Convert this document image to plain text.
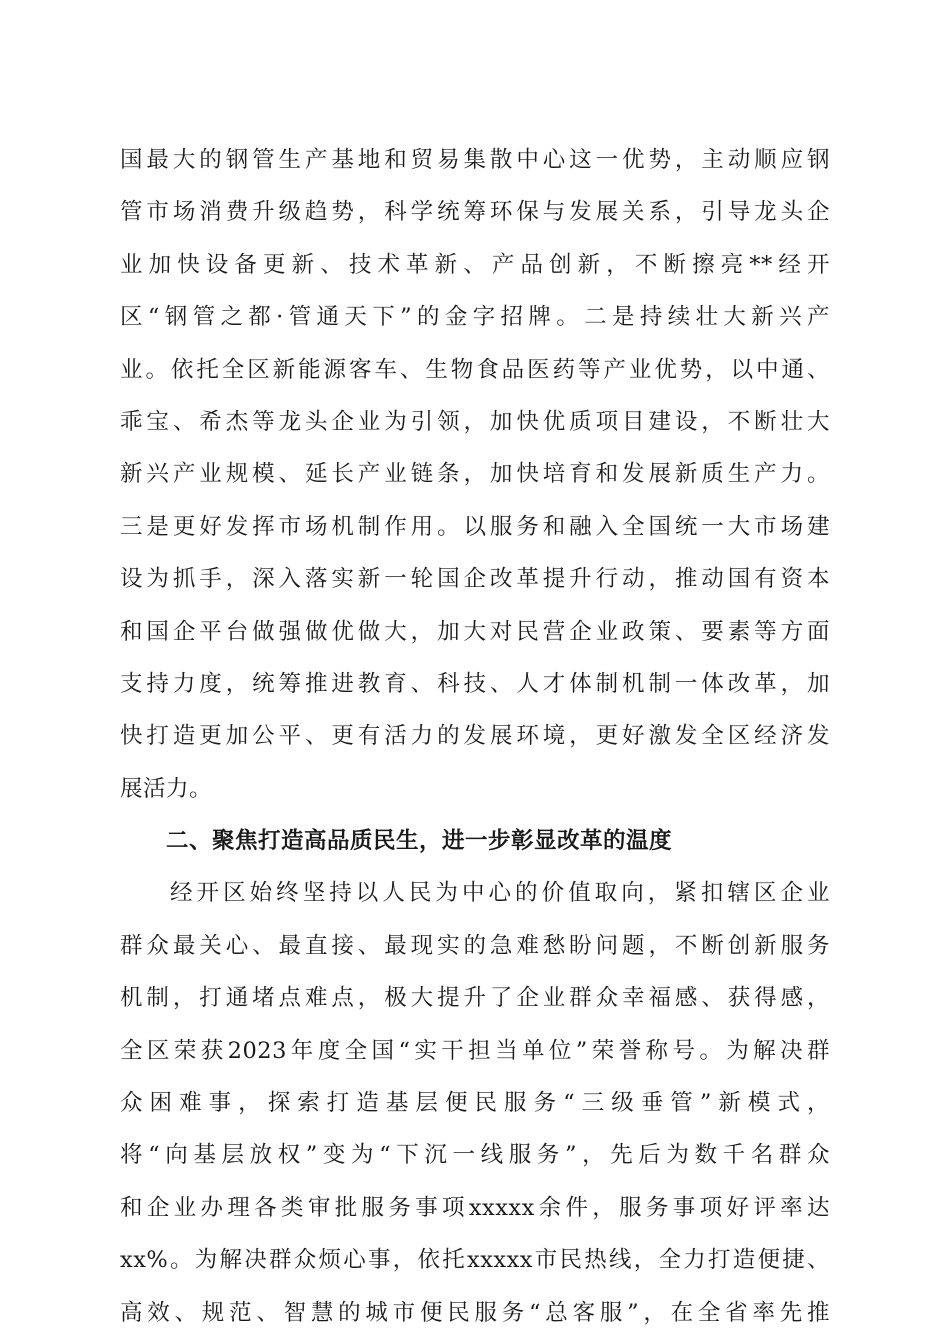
国最大的钢管生产基地和贸易集散中心这一优势，主动顺应钢
管市场消费升级趋势，科学统筹环保与发展关系，引导龙头企
业加快设备更新、技术革新、产品创新，不断擦亮**经开
区“钢管之都·管通天下”的金字招牌。二是持续壮大新兴产
业。依托全区新能源客车、生物食品医药等产业优势，以中通、
乖宝、希杰等龙头企业为引领，加快优质项目建设，不断壮大
新兴产业规模、延长产业链条，加快培育和发展新质生产力。
三是更好发挥市场机制作用。以服务和融入全国统一大市场建
设为抓手，深入落实新一轮国企改革提升行动，推动国有资本
和国企平台做强做优做大，加大对民营企业政策、要素等方面
支持力度，统筹推进教育、科技、人才体制机制一体改革，加
快打造更加公平、更有活力的发展环境，更好激发全区经济发
展活力。
二、聚焦打造高品质民生，进一步彰显改革的温度
经开区始终坚持以人民为中心的价值取向，紧扣辖区企业
群众最关心、最直接、最现实的急难愁盼问题，不断创新服务
机制，打通堵点难点，极大提升了企业群众幸福感、获得感，
全区荣获2023年度全国“实干担当单位”荣誉称号。为解决群
众困难事，探索打造基层便民服务“三级垂管”新模式，
将“向基层放权”变为“下沉一线服务”，先后为数千名群众
和企业办理各类审批服务事项xxxxx余件，服务事项好评率达
xx%。为解决群众烦心事，依托xxxxx市民热线，全力打造便捷、
高效、规范、智慧的城市便民服务“总客服”，在全省率先推
